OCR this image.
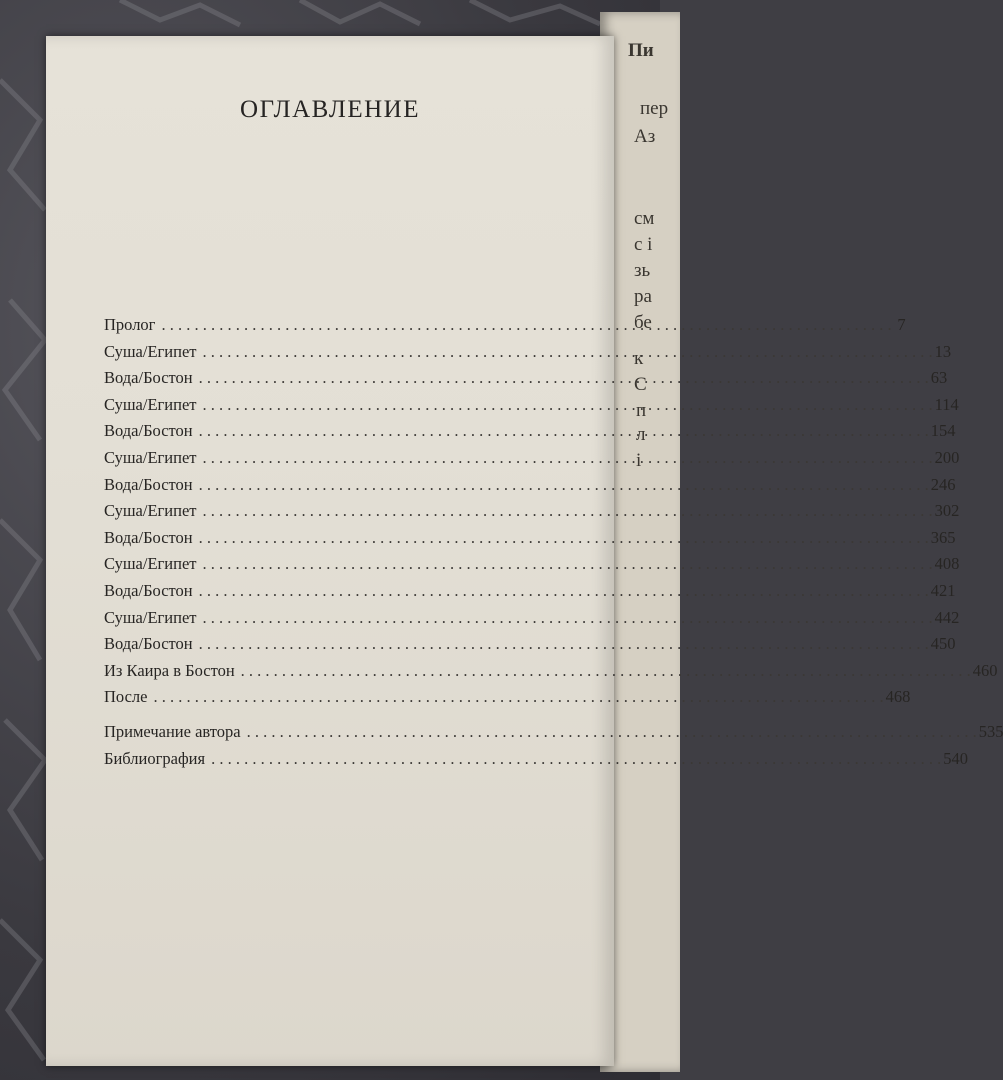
Пи
пер
Аз
см
с і
зь
ра
бе
к
С
п
л
і
ОГЛАВЛЕНИЕ
Пролог . . .	7
Суша/Египет . . .	13
Вода/Бостон . . .	63
Суша/Египет . . .	114
Вода/Бостон . . .	154
Суша/Египет . . .	200
Вода/Бостон . . .	246
Суша/Египет . . .	302
Вода/Бостон . . .	365
Суша/Египет . . .	408
Вода/Бостон . . .	421
Суша/Египет . . .	442
Вода/Бостон . . .	450
Из Каира в Бостон . . .	460
После . . .	468
Примечание автора . . .	535
Библиография . . .	540
